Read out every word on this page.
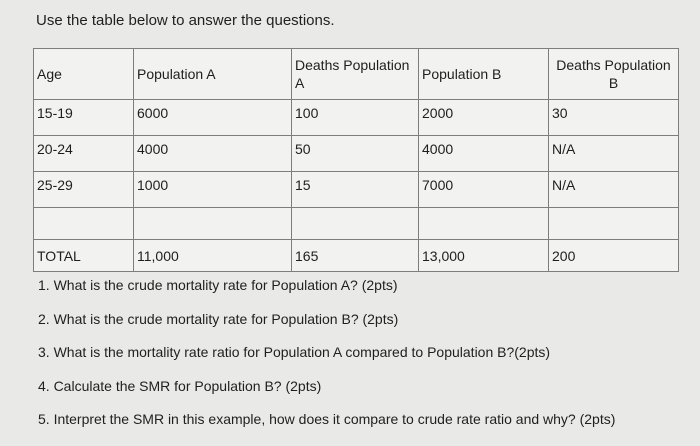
Use the table below to answer the questions.
Age	Population A	Deaths Population A	Population B	Deaths Population B
15-19	6000	100	2000	30
20-24	4000	50	4000	N/A
25-29	1000	15	7000	N/A

TOTAL	11,000	165	13,000	200
1. What is the crude mortality rate for Population A? (2pts)
2. What is the crude mortality rate for Population B? (2pts)
3. What is the mortality rate ratio for Population A compared to Population B?(2pts)
4. Calculate the SMR for Population B? (2pts)
5. Interpret the SMR in this example, how does it compare to crude rate ratio and why? (2pts)
